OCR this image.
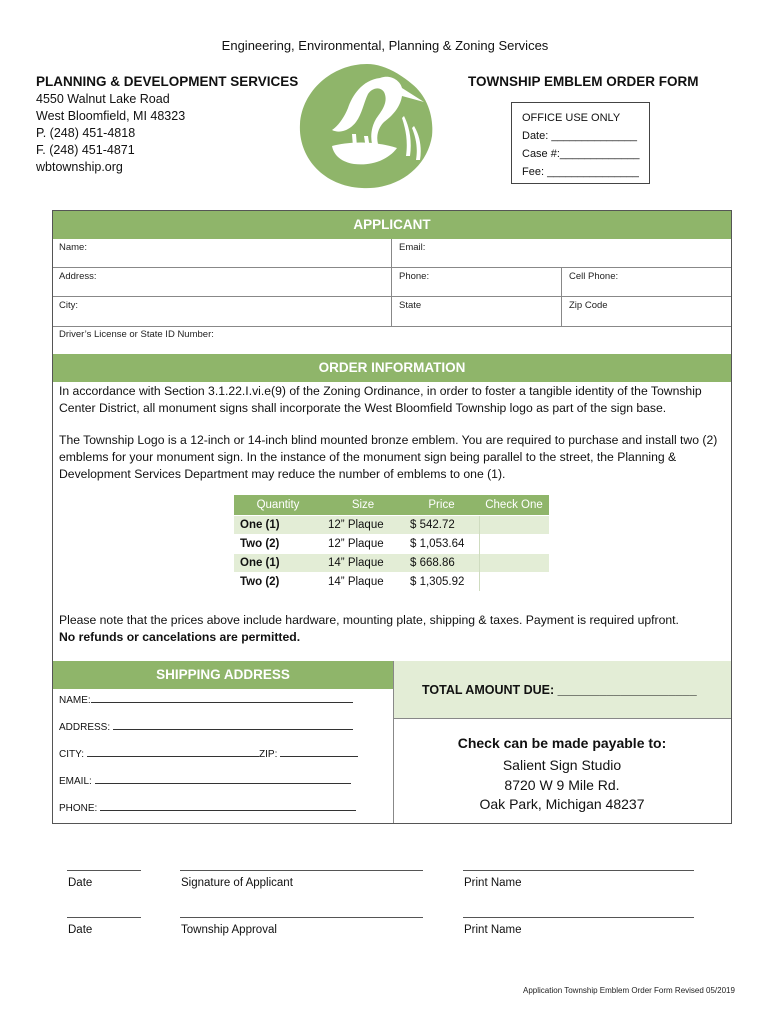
Engineering, Environmental, Planning & Zoning Services
PLANNING & DEVELOPMENT SERVICES
4550 Walnut Lake Road
West Bloomfield, MI 48323
P. (248) 451-4818
F. (248) 451-4871
wbtownship.org
TOWNSHIP EMBLEM ORDER FORM
OFFICE USE ONLY
Date: ______________
Case #:_____________
Fee: _______________
APPLICANT
Name:	Email:
Address:	Phone:	Cell Phone:
City:	State	Zip Code
Driver’s License or State ID Number:
ORDER INFORMATION
In accordance with Section 3.1.22.I.vi.e(9) of the Zoning Ordinance, in order to foster a tangible identity of the Township Center District, all monument signs shall incorporate the West Bloomfield Township logo as part of the sign base.
The Township Logo is a 12-inch or 14-inch blind mounted bronze emblem. You are required to purchase and install two (2) emblems for your monument sign. In the instance of the monument sign being parallel to the street, the Planning & Development Services Department may reduce the number of emblems to one (1).
Please note that the prices above include hardware, mounting plate, shipping & taxes. Payment is required upfront.
No refunds or cancelations are permitted.
SHIPPING ADDRESS
TOTAL AMOUNT DUE: ____________________
NAME:
ADDRESS:
CITY:	ZIP:
EMAIL:
PHONE:
Check can be made payable to:
Salient Sign Studio
8720 W 9 Mile Rd.
Oak Park, Michigan 48237
Quantity	Size	Price	Check One
One (1)	12” Plaque	$ 542.72	
Two (2)	12” Plaque	$ 1,053.64	
One (1)	14” Plaque	$ 668.86	
Two (2)	14” Plaque	$ 1,305.92	
Date	Signature of Applicant	Print Name
Date	Township Approval	Print Name
Application Township Emblem Order Form Revised 05/2019
